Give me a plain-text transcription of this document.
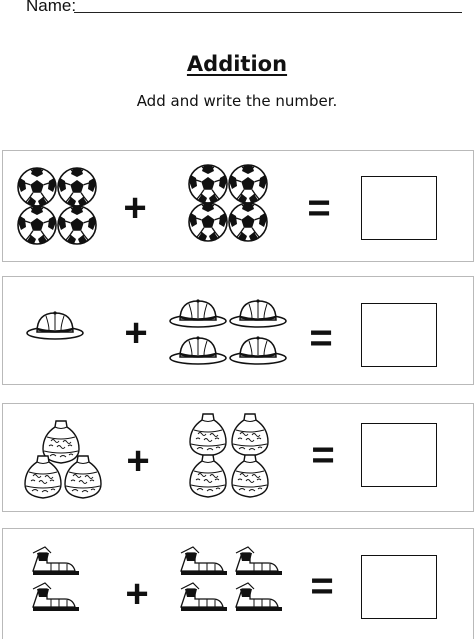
Name:
Addition
Add and write the number.
+	=
+	=
+	=
+	=
